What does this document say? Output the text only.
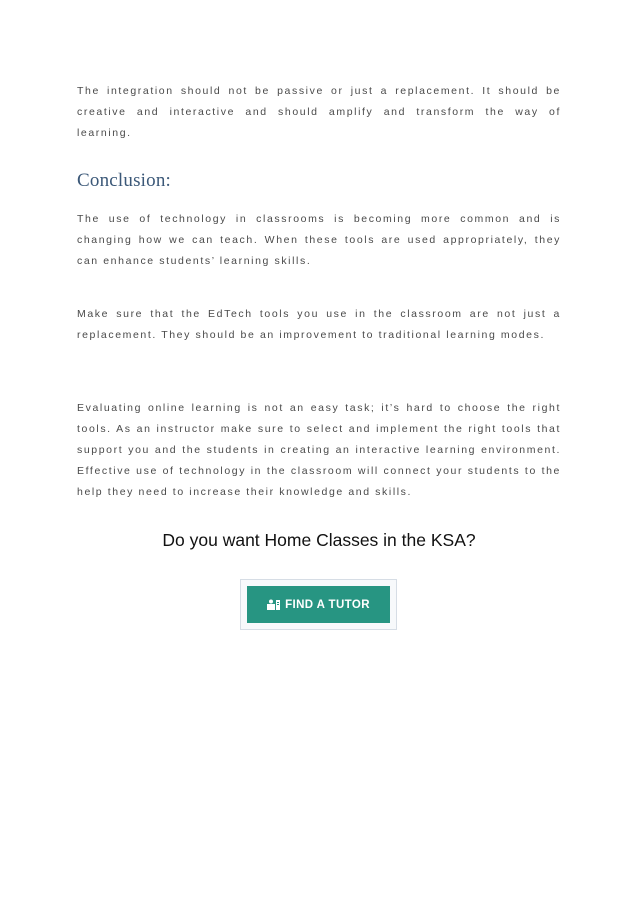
The integration should not be passive or just a replacement. It should be creative and interactive and should amplify and transform the way of learning.

Conclusion:

The use of technology in classrooms is becoming more common and is changing how we can teach. When these tools are used appropriately, they can enhance students’ learning skills.

Make sure that the EdTech tools you use in the classroom are not just a replacement. They should be an improvement to traditional learning modes.

Evaluating online learning is not an easy task; it’s hard to choose the right tools. As an instructor make sure to select and implement the right tools that support you and the students in creating an interactive learning environment. Effective use of technology in the classroom will connect your students to the help they need to increase their knowledge and skills.

Do you want Home Classes in the KSA?

FIND A TUTOR
